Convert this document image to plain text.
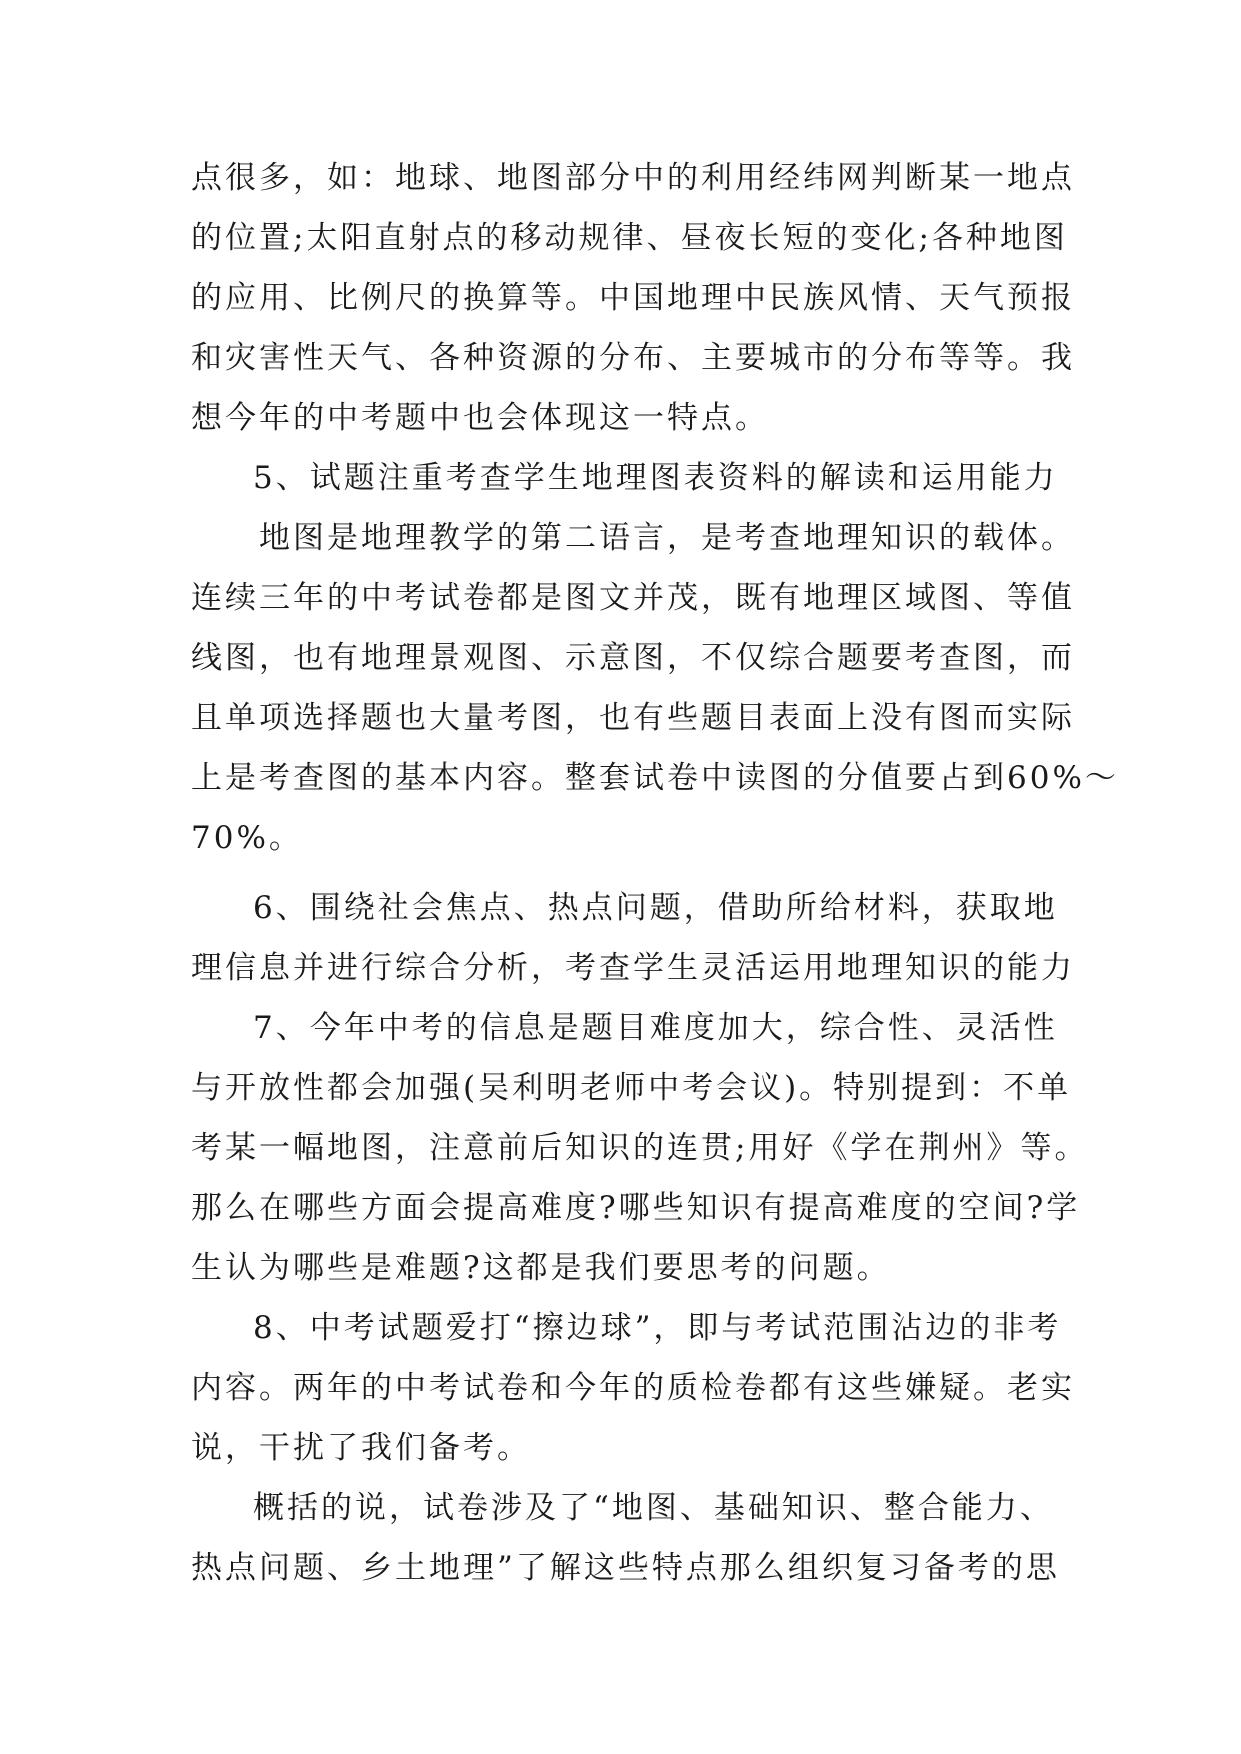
点很多，如：地球、地图部分中的利用经纬网判断某一地点
的位置;太阳直射点的移动规律、昼夜长短的变化;各种地图
的应用、比例尺的换算等。中国地理中民族风情、天气预报
和灾害性天气、各种资源的分布、主要城市的分布等等。我
想今年的中考题中也会体现这一特点。
5、试题注重考查学生地理图表资料的解读和运用能力
地图是地理教学的第二语言，是考查地理知识的载体。
连续三年的中考试卷都是图文并茂，既有地理区域图、等值
线图，也有地理景观图、示意图，不仅综合题要考查图，而
且单项选择题也大量考图，也有些题目表面上没有图而实际
上是考查图的基本内容。整套试卷中读图的分值要占到60%～
70%。
6、围绕社会焦点、热点问题，借助所给材料，获取地
理信息并进行综合分析，考查学生灵活运用地理知识的能力
7、今年中考的信息是题目难度加大，综合性、灵活性
与开放性都会加强(吴利明老师中考会议)。特别提到：不单
考某一幅地图，注意前后知识的连贯;用好《学在荆州》等。
那么在哪些方面会提高难度?哪些知识有提高难度的空间?学
生认为哪些是难题?这都是我们要思考的问题。
8、中考试题爱打“擦边球”，即与考试范围沾边的非考
内容。两年的中考试卷和今年的质检卷都有这些嫌疑。老实
说，干扰了我们备考。
概括的说，试卷涉及了“地图、基础知识、整合能力、
热点问题、乡土地理”了解这些特点那么组织复习备考的思
